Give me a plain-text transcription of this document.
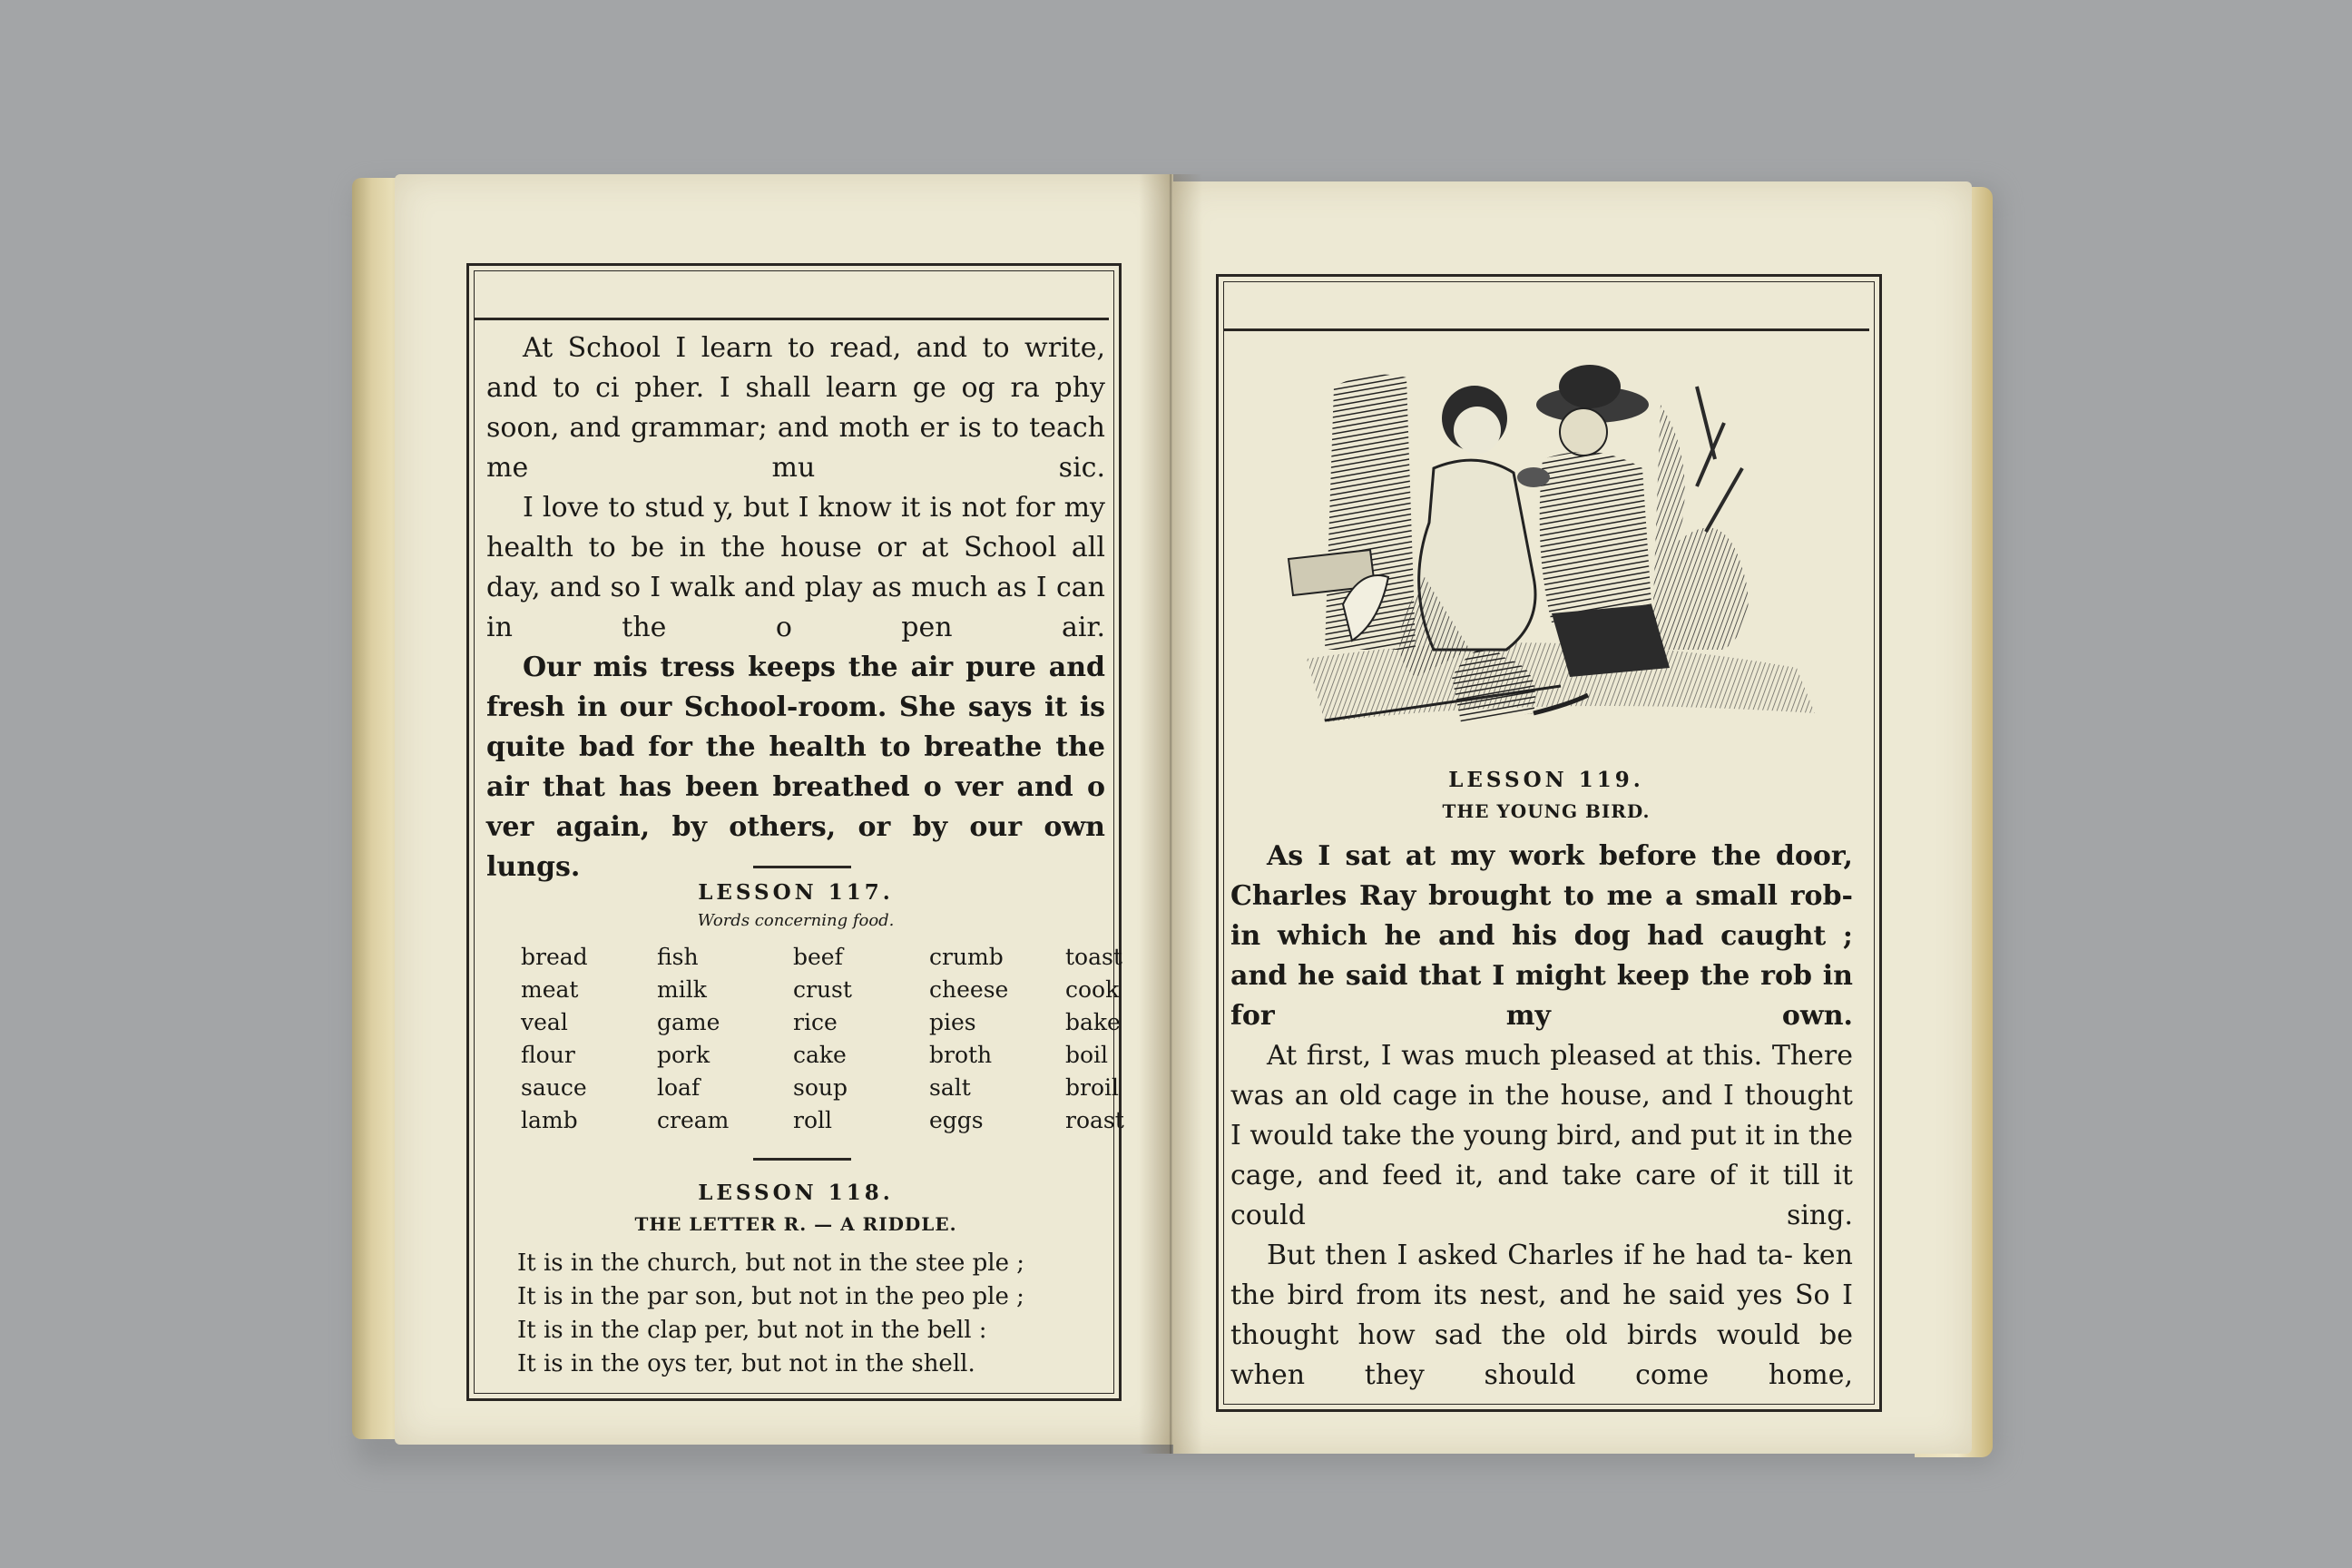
At School I learn to read, and to write, and to ci pher. I shall learn ge og ra phy soon, and grammar; and moth er is to teach me mu sic.

I love to stud y, but I know it is not for my health to be in the house or at School all day, and so I walk and play as much as I can in the o pen air.

Our mis tress keeps the air pure and fresh in our School-room. She says it is quite bad for the health to breathe the air that has been breathed o ver and o ver again, by others, or by our own lungs.

LESSON 117.
Words concerning food.
bread	fish	beef	crumb	toast
meat	milk	crust	cheese	cook
veal	game	rice	pies	bake
flour	pork	cake	broth	boil
sauce	loaf	soup	salt	broil
lamb	cream	roll	eggs	roast
LESSON 118.
THE LETTER R. — A RIDDLE.
It is in the church, but not in the stee ple ;
It is in the par son, but not in the peo ple ;
It is in the clap per, but not in the bell :
It is in the oys ter, but not in the shell.
LESSON 119.
THE YOUNG BIRD.

As I sat at my work before the door, Charles Ray brought to me a small rob- in which he and his dog had caught ; and he said that I might keep the rob in for my own.

At first, I was much pleased at this. There was an old cage in the house, and I thought I would take the young bird, and put it in the cage, and feed it, and take care of it till it could sing.

But then I asked Charles if he had ta- ken the bird from its nest, and he said yes So I thought how sad the old birds would be when they should come home,
